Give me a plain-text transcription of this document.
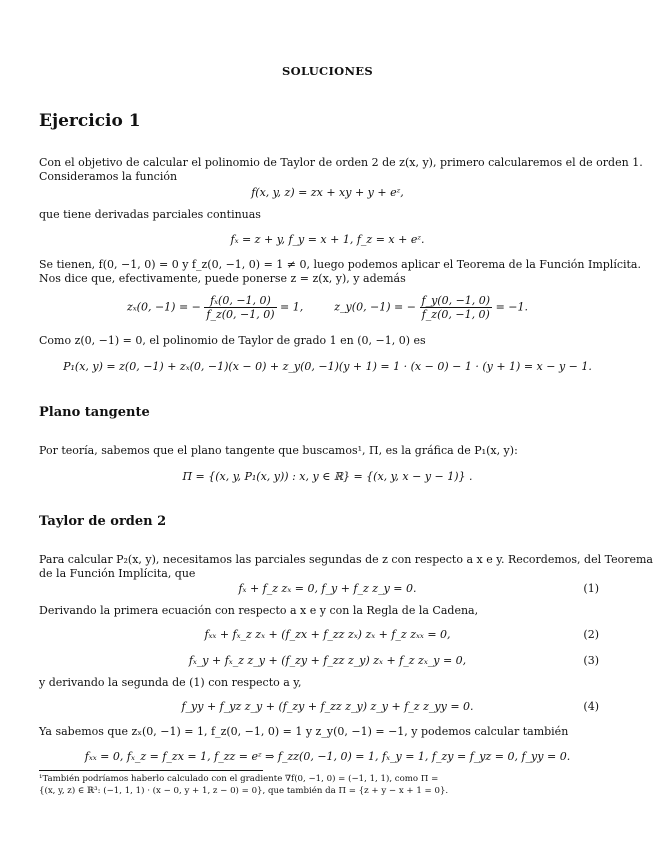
SOLUCIONES
Ejercicio 1
Con el objetivo de calcular el polinomio de Taylor de orden 2 de z(x, y), primero calcularemos el de orden 1.
Consideramos la función
f(x, y, z) = zx + xy + y + eᶻ,
que tiene derivadas parciales continuas
fₓ = z + y, f_y = x + 1, f_z = x + eᶻ.
Se tienen, f(0, −1, 0) = 0 y f_z(0, −1, 0) = 1 ≠ 0, luego podemos aplicar el Teorema de la Función Implícita.
Nos dice que, efectivamente, puede ponerse z = z(x, y), y además
zₓ(0, −1) = − $\frac{\text{fₓ(0, −1, 0)}}{f\_z(0, -1, 0)} = 1$,	z_y(0, −1) = − $\frac{f\_y(0, -1, 0)}{f\_z(0, -1, 0)} = -1$.
Como z(0, −1) = 0, el polinomio de Taylor de grado 1 en (0, −1, 0) es
P₁(x, y) = z(0, −1) + zₓ(0, −1)(x − 0) + z_y(0, −1)(y + 1) = 1 · (x − 0) − 1 · (y + 1) = x − y − 1.
Plano tangente
Por teoría, sabemos que el plano tangente que buscamos¹, Π, es la gráfica de P₁(x, y):
Π = {(x, y, P₁(x, y)) : x, y ∈ ℝ} = {(x, y, x − y − 1)} .
Taylor de orden 2
Para calcular P₂(x, y), necesitamos las parciales segundas de z con respecto a x e y. Recordemos, del Teorema
de la Función Implícita, que
fₓ + f_z zₓ = 0, f_y + f_z z_y = 0.	(1)
Derivando la primera ecuación con respecto a x e y con la Regla de la Cadena,
fₓₓ + fₓ_z zₓ + (f_zx + f_zz zₓ) zₓ + f_z zₓₓ = 0,	(2)
fₓ_y + fₓ_z z_y + (f_zy + f_zz z_y) zₓ + f_z zₓ_y = 0,	(3)
y derivando la segunda de (1) con respecto a y,
f_yy + f_yz z_y + (f_zy + f_zz z_y) z_y + f_z z_yy = 0.	(4)
Ya sabemos que zₓ(0, −1) = 1, f_z(0, −1, 0) = 1 y z_y(0, −1) = −1, y podemos calcular también
fₓₓ = 0, fₓ_z = f_zx = 1, f_zz = eᶻ ⇒ f_zz(0, −1, 0) = 1, fₓ_y = 1, f_zy = f_yz = 0, f_yy = 0.
¹También podríamos haberlo calculado con el gradiente ∇f(0, −1, 0) = (−1, 1, 1), como Π =
{(x, y, z) ∈ ℝ³: (−1, 1, 1) · (x − 0, y + 1, z − 0) = 0}, que también da Π = {z + y − x + 1 = 0}.
